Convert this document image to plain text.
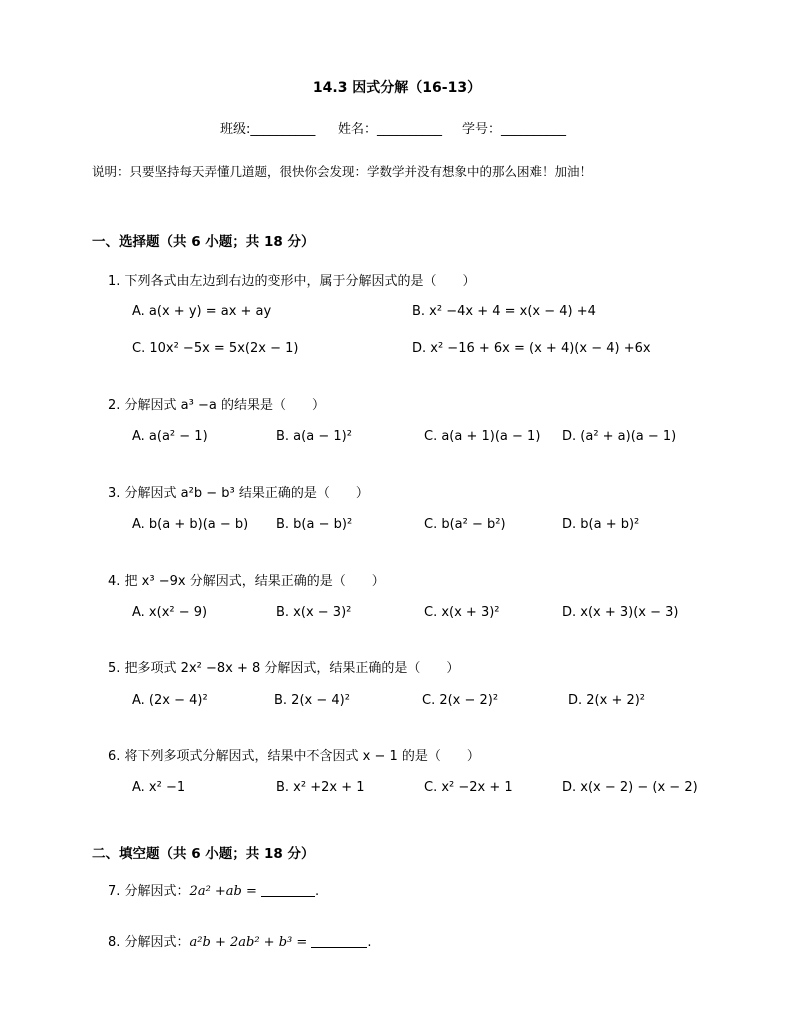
14.3 因式分解（16-13）
班级:__________ 姓名：__________ 学号：__________
说明：只要坚持每天弄懂几道题，很快你会发现：学数学并没有想象中的那么困难！加油！
一、选择题（共 6 小题；共 18 分）
1. 下列各式由左边到右边的变形中，属于分解因式的是（　　）
A. a(x + y) = ax + ay	B. x² −4x + 4 = x(x − 4) +4
C. 10x² −5x = 5x(2x − 1)	D. x² −16 + 6x = (x + 4)(x − 4) +6x
2. 分解因式 a³ −a 的结果是（　　）
A. a(a² − 1)	B. a(a − 1)²	C. a(a + 1)(a − 1) D. (a² + a)(a − 1)
3. 分解因式 a²b − b³ 结果正确的是（　　）
A. b(a + b)(a − b) B. b(a − b)²	C. b(a² − b²)	D. b(a + b)²
4. 把 x³ −9x 分解因式，结果正确的是（　　）
A. x(x² − 9)	B. x(x − 3)²	C. x(x + 3)²	D. x(x + 3)(x − 3)
5. 把多项式 2x² −8x + 8 分解因式，结果正确的是（　　）
A. (2x − 4)²	B. 2(x − 4)²	C. 2(x − 2)²	D. 2(x + 2)²
6. 将下列多项式分解因式，结果中不含因式 x − 1 的是（　　）
A. x² −1	B. x² +2x + 1	C. x² −2x + 1	D. x(x − 2) − (x − 2)
二、填空题（共 6 小题；共 18 分）
7. 分解因式：2a² +ab =	.
8. 分解因式：a²b + 2ab² + b³ =	.
